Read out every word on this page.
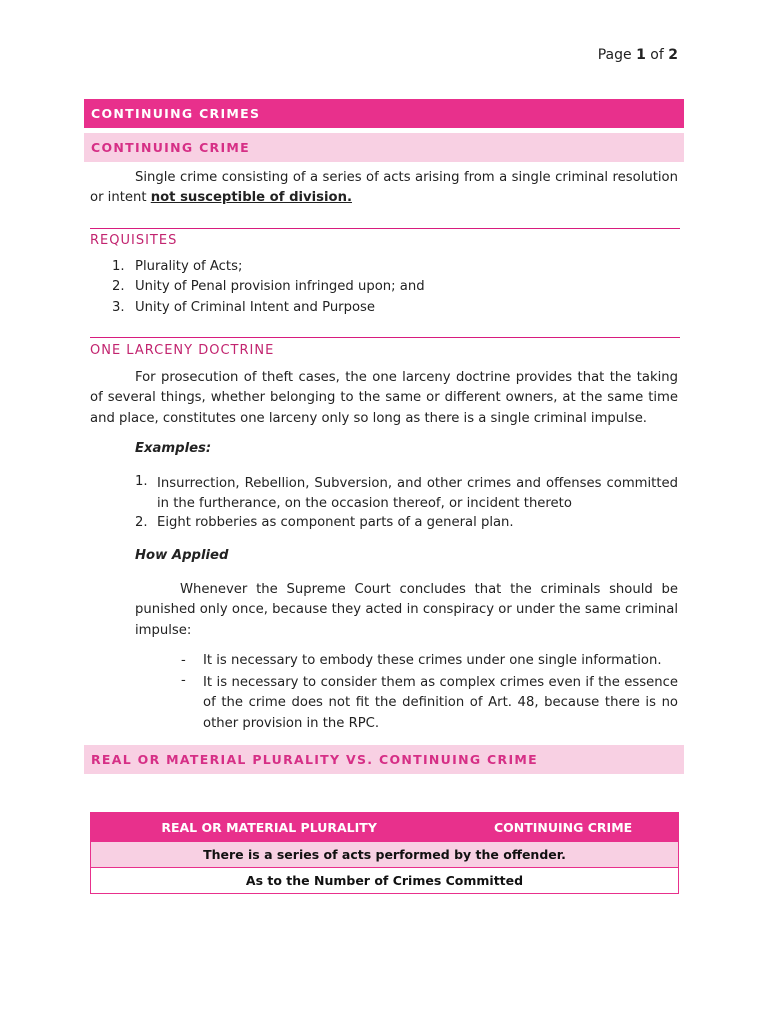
Page 1 of 2
CONTINUING CRIMES
CONTINUING CRIME

Single crime consisting of a series of acts arising from a single criminal resolution or intent not susceptible of division.

REQUISITES
1. Plurality of Acts;
2. Unity of Penal provision infringed upon; and
3. Unity of Criminal Intent and Purpose
ONE LARCENY DOCTRINE

For prosecution of theft cases, the one larceny doctrine provides that the taking of several things, whether belonging to the same or different owners, at the same time and place, constitutes one larceny only so long as there is a single criminal impulse.

Examples:
1. Insurrection, Rebellion, Subversion, and other crimes and offenses committed in the furtherance, on the occasion thereof, or incident thereto

2. Eight robberies as component parts of a general plan.
How Applied

Whenever the Supreme Court concludes that the criminals should be punished only once, because they acted in conspiracy or under the same criminal impulse:

- It is necessary to embody these crimes under one single information.
- It is necessary to consider them as complex crimes even if the essence of the crime does not fit the definition of Art. 48, because there is no other provision in the RPC.

REAL OR MATERIAL PLURALITY VS. CONTINUING CRIME
REAL OR MATERIAL PLURALITY	CONTINUING CRIME
There is a series of acts performed by the offender.
As to the Number of Crimes Committed
